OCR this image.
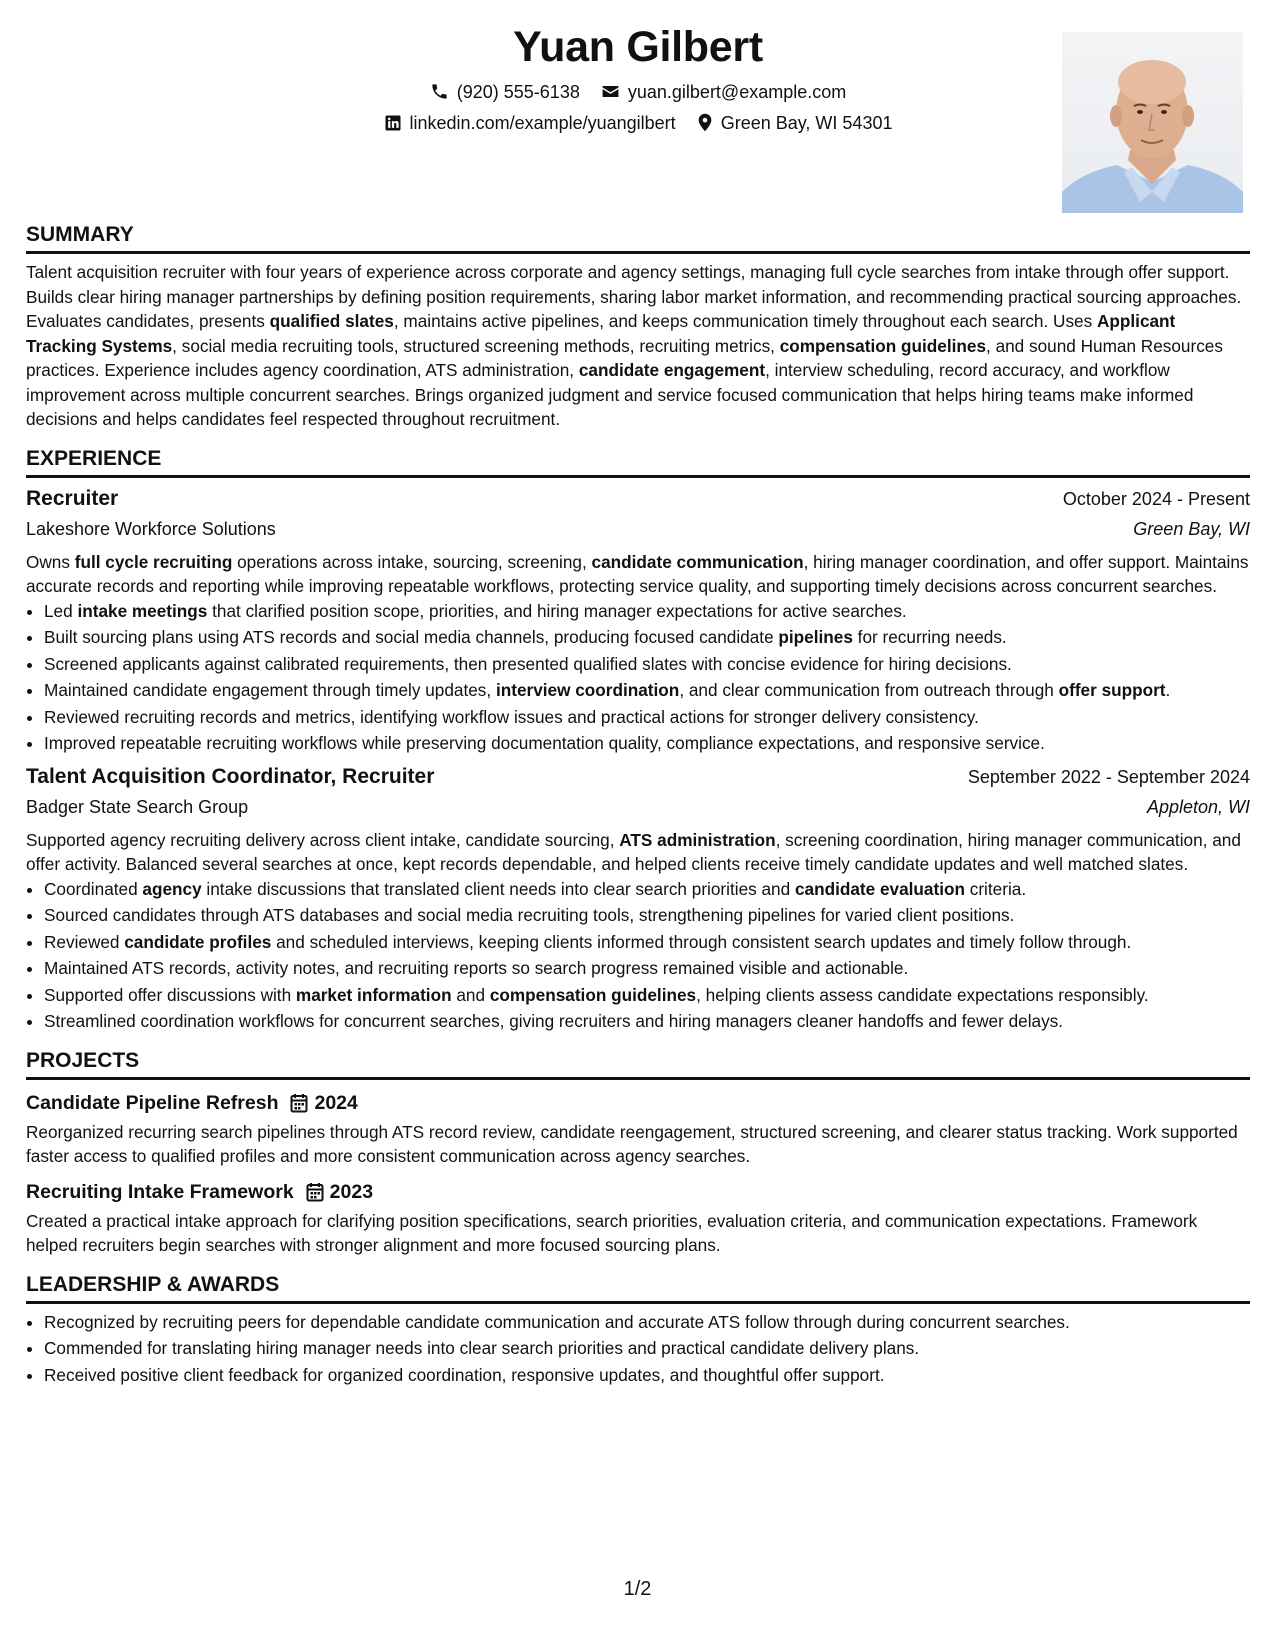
Yuan Gilbert
(920) 555-6138	yuan.gilbert@example.com
linkedin.com/example/yuangilbert	Green Bay, WI 54301
SUMMARY

Talent acquisition recruiter with four years of experience across corporate and agency settings, managing full cycle searches from intake through offer support. Builds clear hiring manager partnerships by defining position requirements, sharing labor market information, and recommending practical sourcing approaches. Evaluates candidates, presents qualified slates, maintains active pipelines, and keeps communication timely throughout each search. Uses Applicant Tracking Systems, social media recruiting tools, structured screening methods, recruiting metrics, compensation guidelines, and sound Human Resources practices. Experience includes agency coordination, ATS administration, candidate engagement, interview scheduling, record accuracy, and workflow improvement across multiple concurrent searches. Brings organized judgment and service focused communication that helps hiring teams make informed decisions and helps candidates feel respected throughout recruitment.

EXPERIENCE
Recruiter	October 2024 - Present
Lakeshore Workforce Solutions	Green Bay, WI

Owns full cycle recruiting operations across intake, sourcing, screening, candidate communication, hiring manager coordination, and offer support. Maintains accurate records and reporting while improving repeatable workflows, protecting service quality, and supporting timely decisions across concurrent searches.

• Led intake meetings that clarified position scope, priorities, and hiring manager expectations for active searches.
• Built sourcing plans using ATS records and social media channels, producing focused candidate pipelines for recurring needs.
• Screened applicants against calibrated requirements, then presented qualified slates with concise evidence for hiring decisions.
• Maintained candidate engagement through timely updates, interview coordination, and clear communication from outreach through offer support.
• Reviewed recruiting records and metrics, identifying workflow issues and practical actions for stronger delivery consistency.
• Improved repeatable recruiting workflows while preserving documentation quality, compliance expectations, and responsive service.
Talent Acquisition Coordinator, Recruiter	September 2022 - September 2024
Badger State Search Group	Appleton, WI

Supported agency recruiting delivery across client intake, candidate sourcing, ATS administration, screening coordination, hiring manager communication, and offer activity. Balanced several searches at once, kept records dependable, and helped clients receive timely candidate updates and well matched slates.

• Coordinated agency intake discussions that translated client needs into clear search priorities and candidate evaluation criteria.
• Sourced candidates through ATS databases and social media recruiting tools, strengthening pipelines for varied client positions.
• Reviewed candidate profiles and scheduled interviews, keeping clients informed through consistent search updates and timely follow through.
• Maintained ATS records, activity notes, and recruiting reports so search progress remained visible and actionable.
• Supported offer discussions with market information and compensation guidelines, helping clients assess candidate expectations responsibly.
• Streamlined coordination workflows for concurrent searches, giving recruiters and hiring managers cleaner handoffs and fewer delays.
PROJECTS
Candidate Pipeline Refresh 2024

Reorganized recurring search pipelines through ATS record review, candidate reengagement, structured screening, and clearer status tracking. Work supported faster access to qualified profiles and more consistent communication across agency searches.

Recruiting Intake Framework 2023

Created a practical intake approach for clarifying position specifications, search priorities, evaluation criteria, and communication expectations. Framework helped recruiters begin searches with stronger alignment and more focused sourcing plans.

LEADERSHIP & AWARDS
• Recognized by recruiting peers for dependable candidate communication and accurate ATS follow through during concurrent searches.
• Commended for translating hiring manager needs into clear search priorities and practical candidate delivery plans.
• Received positive client feedback for organized coordination, responsive updates, and thoughtful offer support.
1/2
